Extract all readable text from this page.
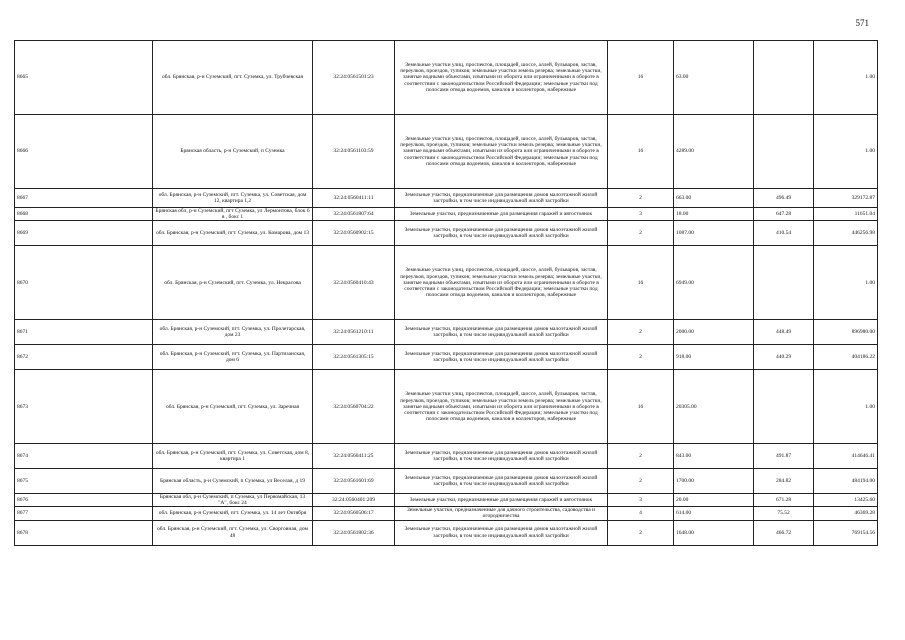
571
8665	обл. Брянская, р-н Суземский, пгт. Суземка, ул. Трубчевская	32:24:0561501:23	Земельные участки улиц, проспектов, площадей, шоссе, аллей, бульваров, застав, переулков, проездов, тупиков; земельные участки земель резерва; земельные участки, занятые водными объектами, изъятыми из оборота или ограниченными в обороте в соответствии с законодательством Российской Федерации; земельные участки под полосами отвода водоемов, каналов и коллекторов, набережные	16	63.00		1.00
8666	Брянская область, р-н Суземский, п Суземка	32:24:0561103:59	Земельные участки улиц, проспектов, площадей, шоссе, аллей, бульваров, застав, переулков, проездов, тупиков; земельные участки земель резерва; земельные участки, занятые водными объектами, изъятыми из оборота или ограниченными в обороте в соответствии с законодательством Российской Федерации; земельные участки под полосами отвода водоемов, каналов и коллекторов, набережные	16	4289.00		1.00
8667	обл. Брянская, р-н Суземский, пгт. Суземка, ул. Советская, дом 12, квартира 1,2	32:24:0560411:11	Земельные участки, предназначенные для размещения домов малоэтажной жилой застройки, в том числе индивидуальной жилой застройки	2	663.00	496.49	329172.87
8668	Брянская обл, р-н Суземский, пгт Суземка, ул Лермонтова, блок 6 в , бокс 1	32:24:0561807:64	Земельные участки, предназначенные для размещения гаражей и автостоянок	3	18.00	647.28	11651.04
8669	обл. Брянская, р-н Суземский, пгт. Суземка, ул. Комарова, дом 13	32:24:0560902:15	Земельные участки, предназначенные для размещения домов малоэтажной жилой застройки, в том числе индивидуальной жилой застройки	2	1087.00	410.54	446256.98
8670	обл. Брянская, р-н Суземский, пгт. Суземка, ул. Некрасова	32:24:0560410:43	Земельные участки улиц, проспектов, площадей, шоссе, аллей, бульваров, застав, переулков, проездов, тупиков; земельные участки земель резерва; земельные участки, занятые водными объектами, изъятыми из оборота или ограниченными в обороте в соответствии с законодательством Российской Федерации; земельные участки под полосами отвода водоемов, каналов и коллекторов, набережные	16	6949.00		1.00
8671	обл. Брянская, р-н Суземский, пгт. Суземка, ул. Пролетарская, дом 23	32:24:0561210:11	Земельные участки, предназначенные для размещения домов малоэтажной жилой застройки, в том числе индивидуальной жилой застройки	2	2000.00	448.49	896980.00
8672	обл. Брянская, р-н Суземский, пгт. Суземка, ул. Партизанская, дом 6	32:24:0561305:15	Земельные участки, предназначенные для размещения домов малоэтажной жилой застройки, в том числе индивидуальной жилой застройки	2	918.00	440.29	404186.22
8673	обл. Брянская, р-н Суземский, пгт. Суземка, ул. Заречная	32:24:0560704:22	Земельные участки улиц, проспектов, площадей, шоссе, аллей, бульваров, застав, переулков, проездов, тупиков; земельные участки земель резерва; земельные участки, занятые водными объектами, изъятыми из оборота или ограниченными в обороте в соответствии с законодательством Российской Федерации; земельные участки под полосами отвода водоемов, каналов и коллекторов, набережные	16	20305.00		1.00
8674	обл. Брянская, р-н Суземский, пгт. Суземка, ул. Советская, дом 8, квартира 1	32:24:0560411:25	Земельные участки, предназначенные для размещения домов малоэтажной жилой застройки, в том числе индивидуальной жилой застройки	2	843.00	491.87	414646.41
8675	Брянская область, р-н Суземский, п Суземка, ул Веселая, д 19	32:24:0561601:69	Земельные участки, предназначенные для размещения домов малоэтажной жилой застройки, в том числе индивидуальной жилой застройки	2	1700.00	284.82	484194.00
8676	Брянская обл, р-н Суземский, п Суземка, ул Первомайская, 13 "А", бокс 24	32:24:0560401:209	Земельные участки, предназначенные для размещения гаражей и автостоянок	3	20.00	671.28	13425.60
8677	обл. Брянская, р-н Суземский, пгт. Суземка, ул. 14 лет Октября	32:24:0560506:17	Земельные участки, предназначенные для дачного строительства, садоводства и огородничества	4	614.00	75.52	46369.28
8678	обл. Брянская, р-н Суземский, пгт. Суземка, ул. Сворговная, дом 48	32:24:0561802:36	Земельные участки, предназначенные для размещения домов малоэтажной жилой застройки, в том числе индивидуальной жилой застройки	2	1648.00	466.72	769154.56
